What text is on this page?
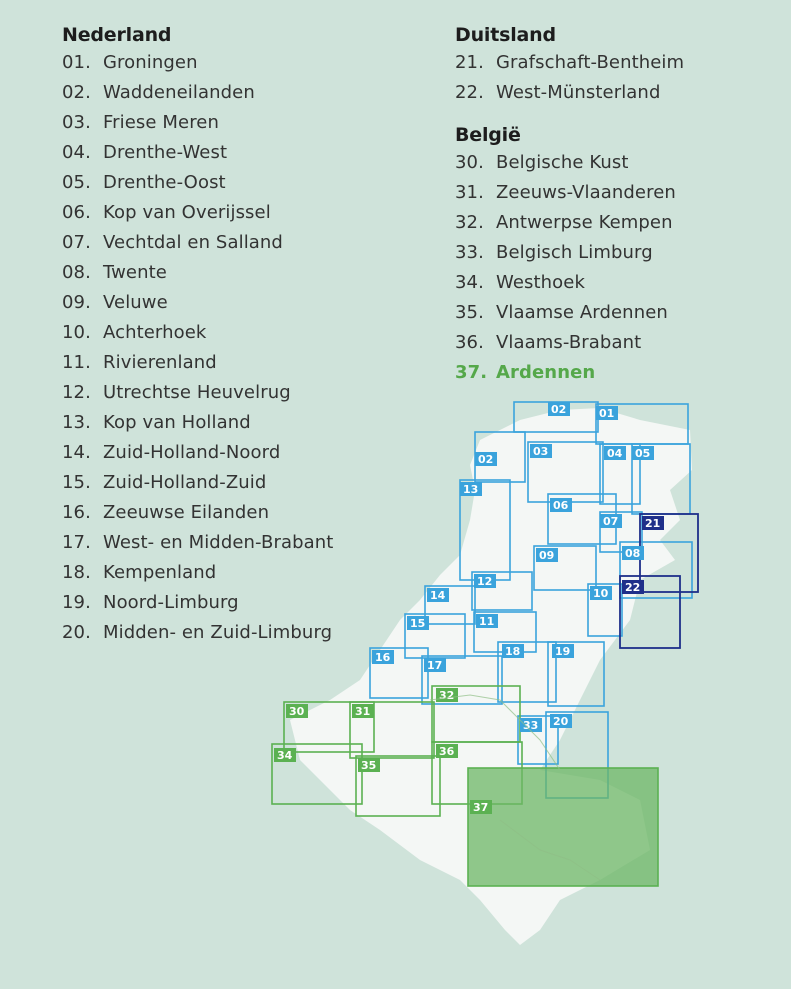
02	01
02
03	04 05
13
06
07 21
08
09
12
10 22
14
11
15
18	19
16
17
32
30	31
33 20
34	36
35
37
Nederland
01. Groningen
02. Waddeneilanden
03. Friese Meren
04. Drenthe-West
05. Drenthe-Oost
06. Kop van Overijssel
07. Vechtdal en Salland
08. Twente
09. Veluwe
10. Achterhoek
11. Rivierenland
12. Utrechtse Heuvelrug
13. Kop van Holland
14. Zuid-Holland-Noord
15. Zuid-Holland-Zuid
16. Zeeuwse Eilanden
17. West- en Midden-Brabant
18. Kempenland
19. Noord-Limburg
20. Midden- en Zuid-Limburg
Duitsland
21. Grafschaft-Bentheim
22. West-Münsterland
België
30. Belgische Kust
31. Zeeuws-Vlaanderen
32. Antwerpse Kempen
33. Belgisch Limburg
34. Westhoek
35. Vlaamse Ardennen
36. Vlaams-Brabant
37. Ardennen
